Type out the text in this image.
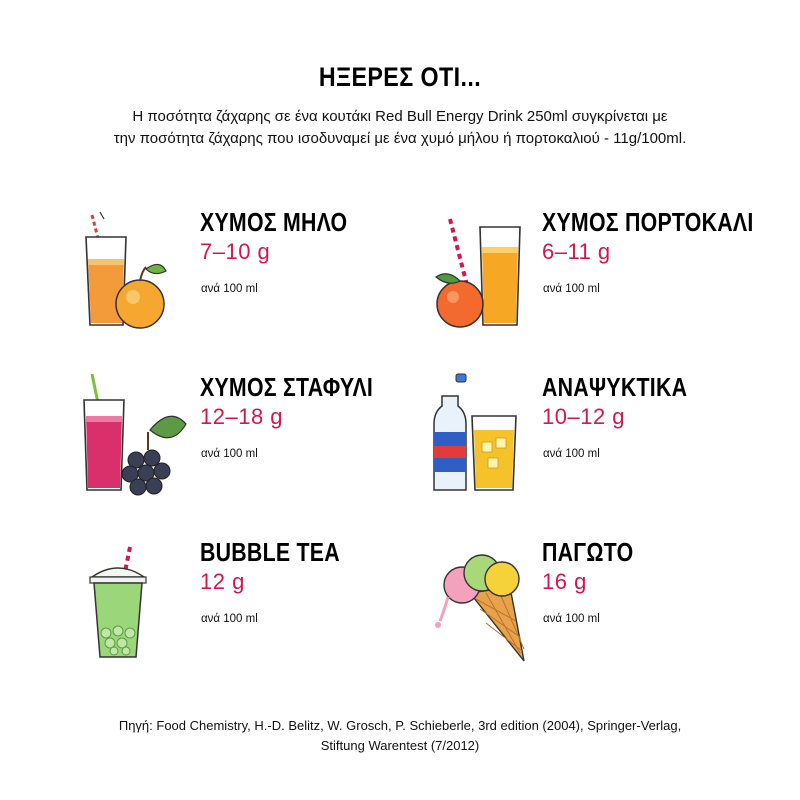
ΗΞΕΡΕΣ ΟΤΙ...
Η ποσότητα ζάχαρης σε ένα κουτάκι Red Bull Energy Drink 250ml συγκρίνεται με
την ποσότητα ζάχαρης που ισοδυναμεί με ένα χυμό μήλου ή πορτοκαλιού - 11g/100ml.
ΧΥΜΟΣ ΜΗΛΟ
7–10 g
ανά 100 ml
ΧΥΜΟΣ ΠΟΡΤΟΚΑΛΙ
6–11 g
ανά 100 ml
ΧΥΜΟΣ ΣΤΑΦΥΛΙ
12–18 g
ανά 100 ml
ΑΝΑΨΥΚΤΙΚΑ
10–12 g
ανά 100 ml
BUBBLE TEA
12 g
ανά 100 ml
ΠΑΓΩΤΟ
16 g
ανά 100 ml
Πηγή: Food Chemistry, H.-D. Belitz, W. Grosch, P. Schieberle, 3rd edition (2004), Springer-Verlag,
Stiftung Warentest (7/2012)
